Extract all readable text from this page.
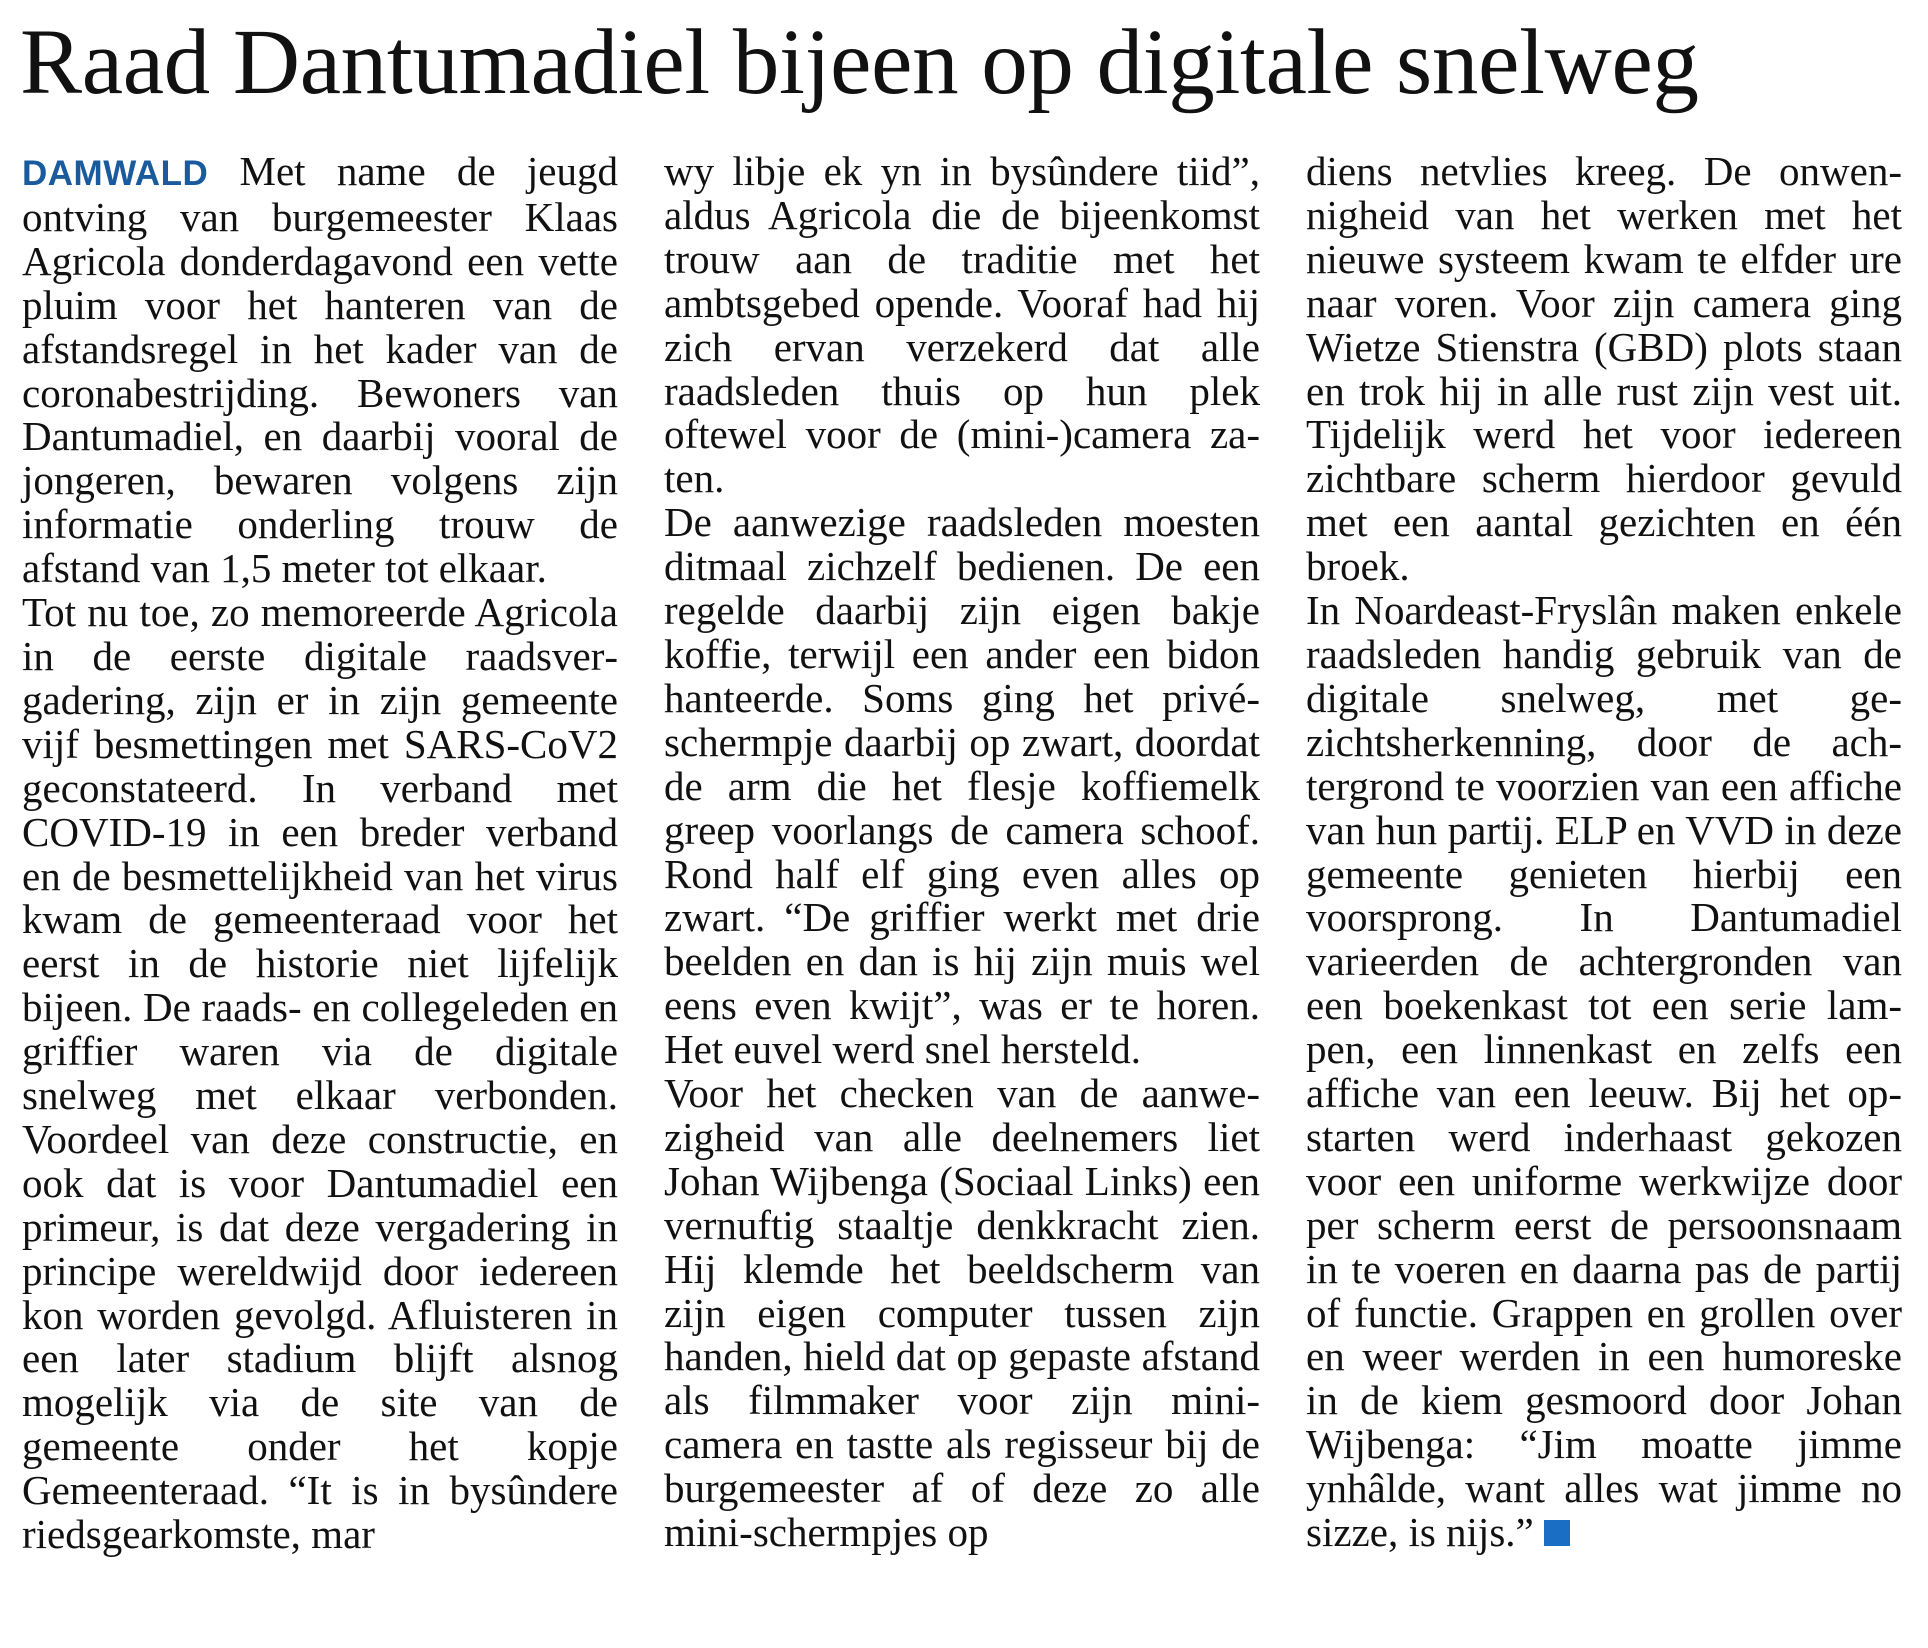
Raad Dantumadiel bijeen op digitale snelweg

DAMWALD Met name de jeugd ontving van burgemeester Klaas Agricola donderdagavond een vette pluim voor het hanteren van de afstandsregel in het kader van de coronabestrijding. Bewoners van Dantumadiel, en daarbij vooral de jongeren, bewaren volgens zijn informatie onderling trouw de afstand van 1,5 meter tot elkaar.

Tot nu toe, zo memoreerde Agricola in de eerste digitale raadsvergadering, zijn er in zijn gemeente vijf besmettingen met SARS-CoV2 geconstateerd. In verband met COVID-19 in een breder verband en de besmettelijkheid van het virus kwam de gemeenteraad voor het eerst in de historie niet lijfelijk bijeen. De raads- en collegeleden en griffier waren via de digitale snelweg met elkaar verbonden. Voordeel van deze constructie, en ook dat is voor Dantumadiel een primeur, is dat deze vergadering in principe wereldwijd door iedereen kon worden gevolgd. Afluisteren in een later stadium blijft alsnog mogelijk via de site van de gemeente onder het kopje Gemeenteraad. “It is in bysûndere riedsgearkomste, mar

wy libje ek yn in bysûndere tiid”, aldus Agricola die de bijeenkomst trouw aan de traditie met het ambtsgebed opende. Vooraf had hij zich ervan verzekerd dat alle raadsleden thuis op hun plek oftewel voor de (mini-)camera zaten.

De aanwezige raadsleden moesten ditmaal zichzelf bedienen. De een regelde daarbij zijn eigen bakje koffie, terwijl een ander een bidon hanteerde. Soms ging het privé-schermpje daarbij op zwart, doordat de arm die het flesje koffiemelk greep voorlangs de camera schoof. Rond half elf ging even alles op zwart. “De griffier werkt met drie beelden en dan is hij zijn muis wel eens even kwijt”, was er te horen. Het euvel werd snel hersteld.

Voor het checken van de aanwezigheid van alle deelnemers liet Johan Wijbenga (Sociaal Links) een vernuftig staaltje denkkracht zien. Hij klemde het beeldscherm van zijn eigen computer tussen zijn handen, hield dat op gepaste afstand als filmmaker voor zijn mini-camera en tastte als regisseur bij de burgemeester af of deze zo alle mini-schermpjes op

diens netvlies kreeg. De onwennigheid van het werken met het nieuwe systeem kwam te elfder ure naar voren. Voor zijn camera ging Wietze Stienstra (GBD) plots staan en trok hij in alle rust zijn vest uit. Tijdelijk werd het voor iedereen zichtbare scherm hierdoor gevuld met een aantal gezichten en één broek.

In Noardeast-Fryslân maken enkele raadsleden handig gebruik van de digitale snelweg, met gezichtsherkenning, door de achtergrond te voorzien van een affiche van hun partij. ELP en VVD in deze gemeente genieten hierbij een voorsprong. In Dantumadiel varieerden de achtergronden van een boekenkast tot een serie lampen, een linnenkast en zelfs een affiche van een leeuw. Bij het opstarten werd inderhaast gekozen voor een uniforme werkwijze door per scherm eerst de persoonsnaam in te voeren en daarna pas de partij of functie. Grappen en grollen over en weer werden in een humoreske in de kiem gesmoord door Johan Wijbenga: “Jim moatte jimme ynhâlde, want alles wat jimme no sizze, is nijs.”
